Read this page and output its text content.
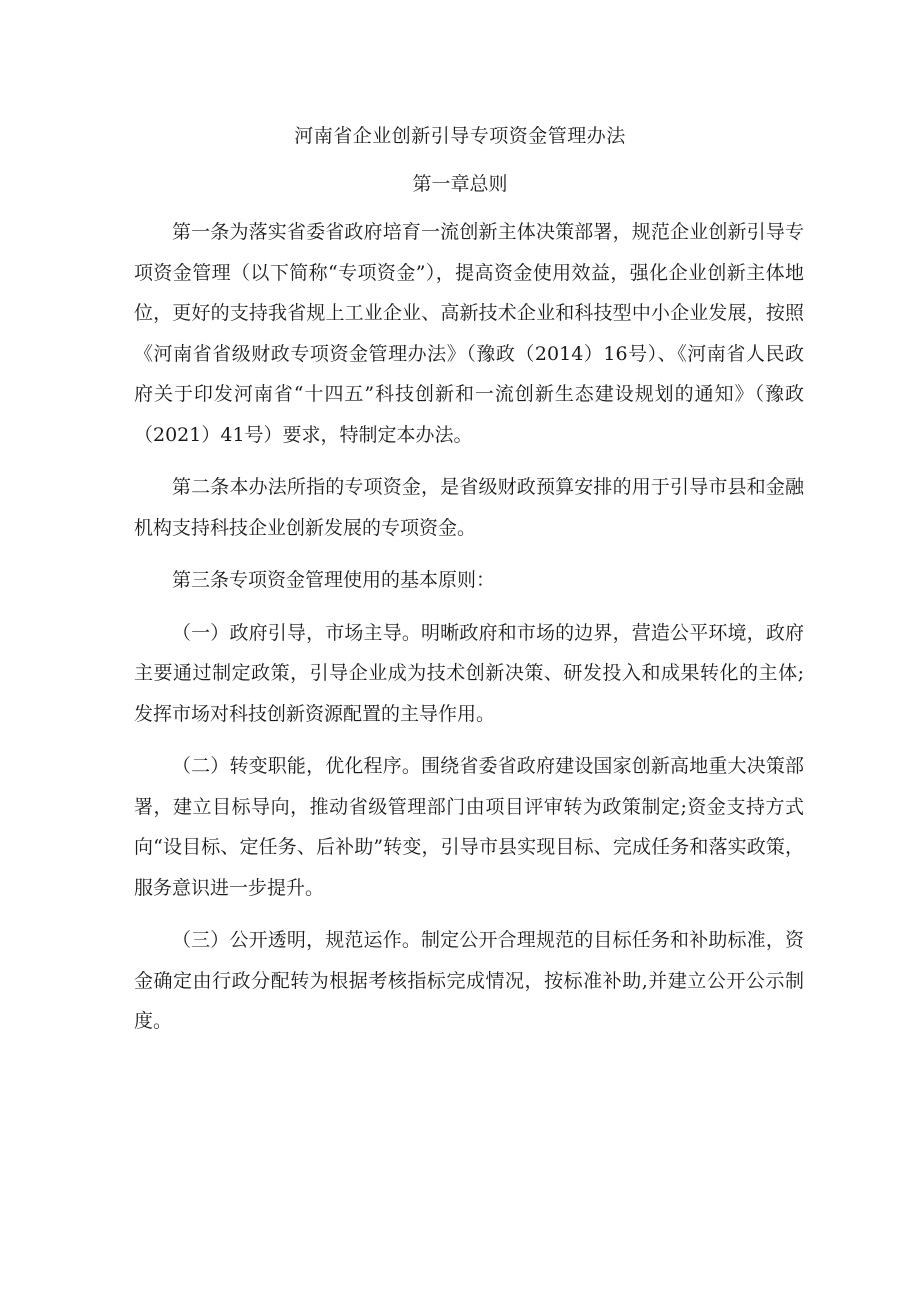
河南省企业创新引导专项资金管理办法
第一章总则

第一条为落实省委省政府培育一流创新主体决策部署，规范企业创新引导专项资金管理（以下简称“专项资金”），提高资金使用效益，强化企业创新主体地位，更好的支持我省规上工业企业、高新技术企业和科技型中小企业发展，按照《河南省省级财政专项资金管理办法》（豫政（2014）16号）、《河南省人民政府关于印发河南省“十四五”科技创新和一流创新生态建设规划的通知》（豫政（2021）41号）要求，特制定本办法。

第二条本办法所指的专项资金，是省级财政预算安排的用于引导市县和金融机构支持科技企业创新发展的专项资金。

第三条专项资金管理使用的基本原则：

（一）政府引导，市场主导。明晰政府和市场的边界，营造公平环境，政府主要通过制定政策，引导企业成为技术创新决策、研发投入和成果转化的主体;发挥市场对科技创新资源配置的主导作用。

（二）转变职能，优化程序。围绕省委省政府建设国家创新高地重大决策部署，建立目标导向，推动省级管理部门由项目评审转为政策制定;资金支持方式向“设目标、定任务、后补助”转变，引导市县实现目标、完成任务和落实政策，服务意识进一步提升。

（三）公开透明，规范运作。制定公开合理规范的目标任务和补助标准，资金确定由行政分配转为根据考核指标完成情况，按标准补助,并建立公开公示制度。
